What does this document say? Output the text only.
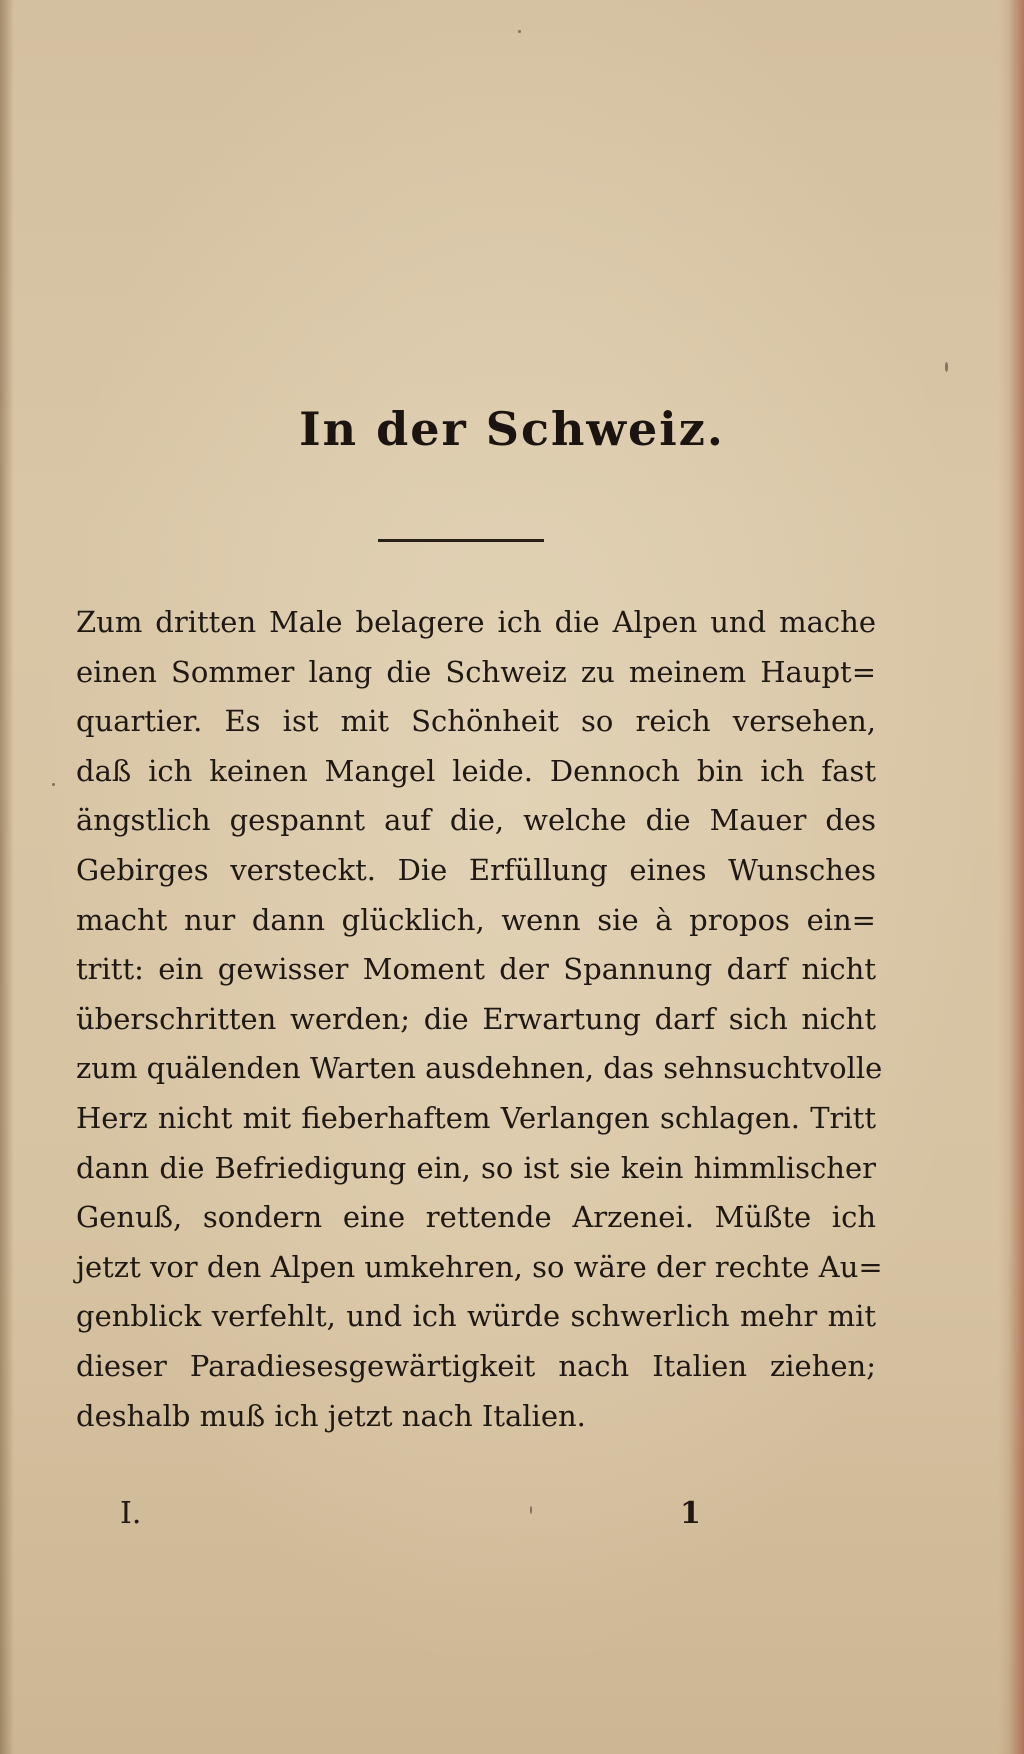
In der Schweiz.
Zum dritten Male belagere ich die Alpen und mache
einen Sommer lang die Schweiz zu meinem Haupt=
quartier. Es ist mit Schönheit so reich versehen,
daß ich keinen Mangel leide. Dennoch bin ich fast
ängstlich gespannt auf die, welche die Mauer des
Gebirges versteckt. Die Erfüllung eines Wunsches
macht nur dann glücklich, wenn sie à propos ein=
tritt: ein gewisser Moment der Spannung darf nicht
überschritten werden; die Erwartung darf sich nicht
zum quälenden Warten ausdehnen, das sehnsuchtvolle
Herz nicht mit fieberhaftem Verlangen schlagen. Tritt
dann die Befriedigung ein, so ist sie kein himmlischer
Genuß, sondern eine rettende Arzenei. Müßte ich
jetzt vor den Alpen umkehren, so wäre der rechte Au=
genblick verfehlt, und ich würde schwerlich mehr mit
dieser Paradiesesgewärtigkeit nach Italien ziehen;
deshalb muß ich jetzt nach Italien.
I.	1
